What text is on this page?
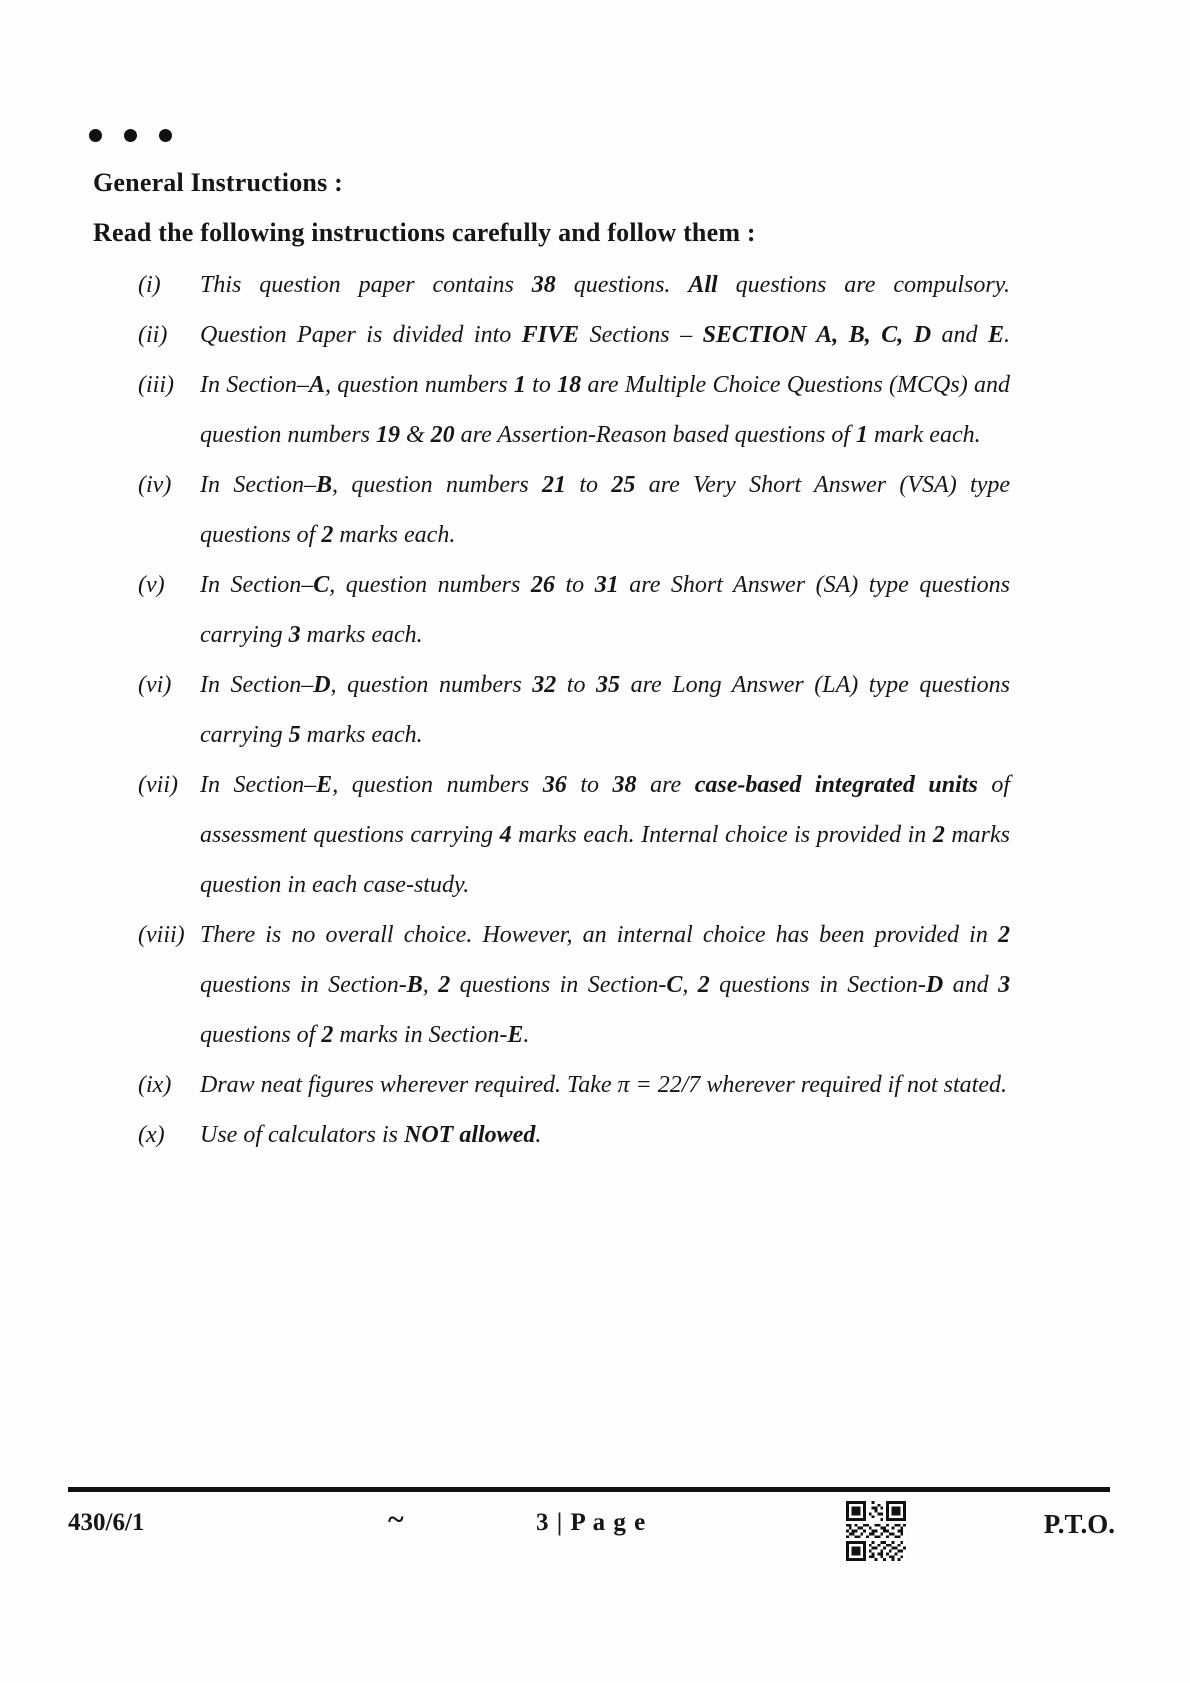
General Instructions :
Read the following instructions carefully and follow them :
(i)	This question paper contains 38 questions. All questions are compulsory.
(ii)	Question Paper is divided into FIVE Sections – SECTION A, B, C, D and E.
(iii)	In Section–A, question numbers 1 to 18 are Multiple Choice Questions (MCQs) and question numbers 19 & 20 are Assertion-Reason based questions of 1 mark each.
(iv)	In Section–B, question numbers 21 to 25 are Very Short Answer (VSA) type questions of 2 marks each.
(v)	In Section–C, question numbers 26 to 31 are Short Answer (SA) type questions carrying 3 marks each.
(vi)	In Section–D, question numbers 32 to 35 are Long Answer (LA) type questions carrying 5 marks each.
(vii) In Section–E, question numbers 36 to 38 are case-based integrated units of assessment questions carrying 4 marks each. Internal choice is provided in 2 marks question in each case-study.
(viii) There is no overall choice. However, an internal choice has been provided in 2 questions in Section-B, 2 questions in Section-C, 2 questions in Section-D and 3 questions of 2 marks in Section-E.
(ix)	Draw neat figures wherever required. Take π = 22/7 wherever required if not stated.
(x)	Use of calculators is NOT allowed.
430/6/1	~	3 | P a g e	P.T.O.
